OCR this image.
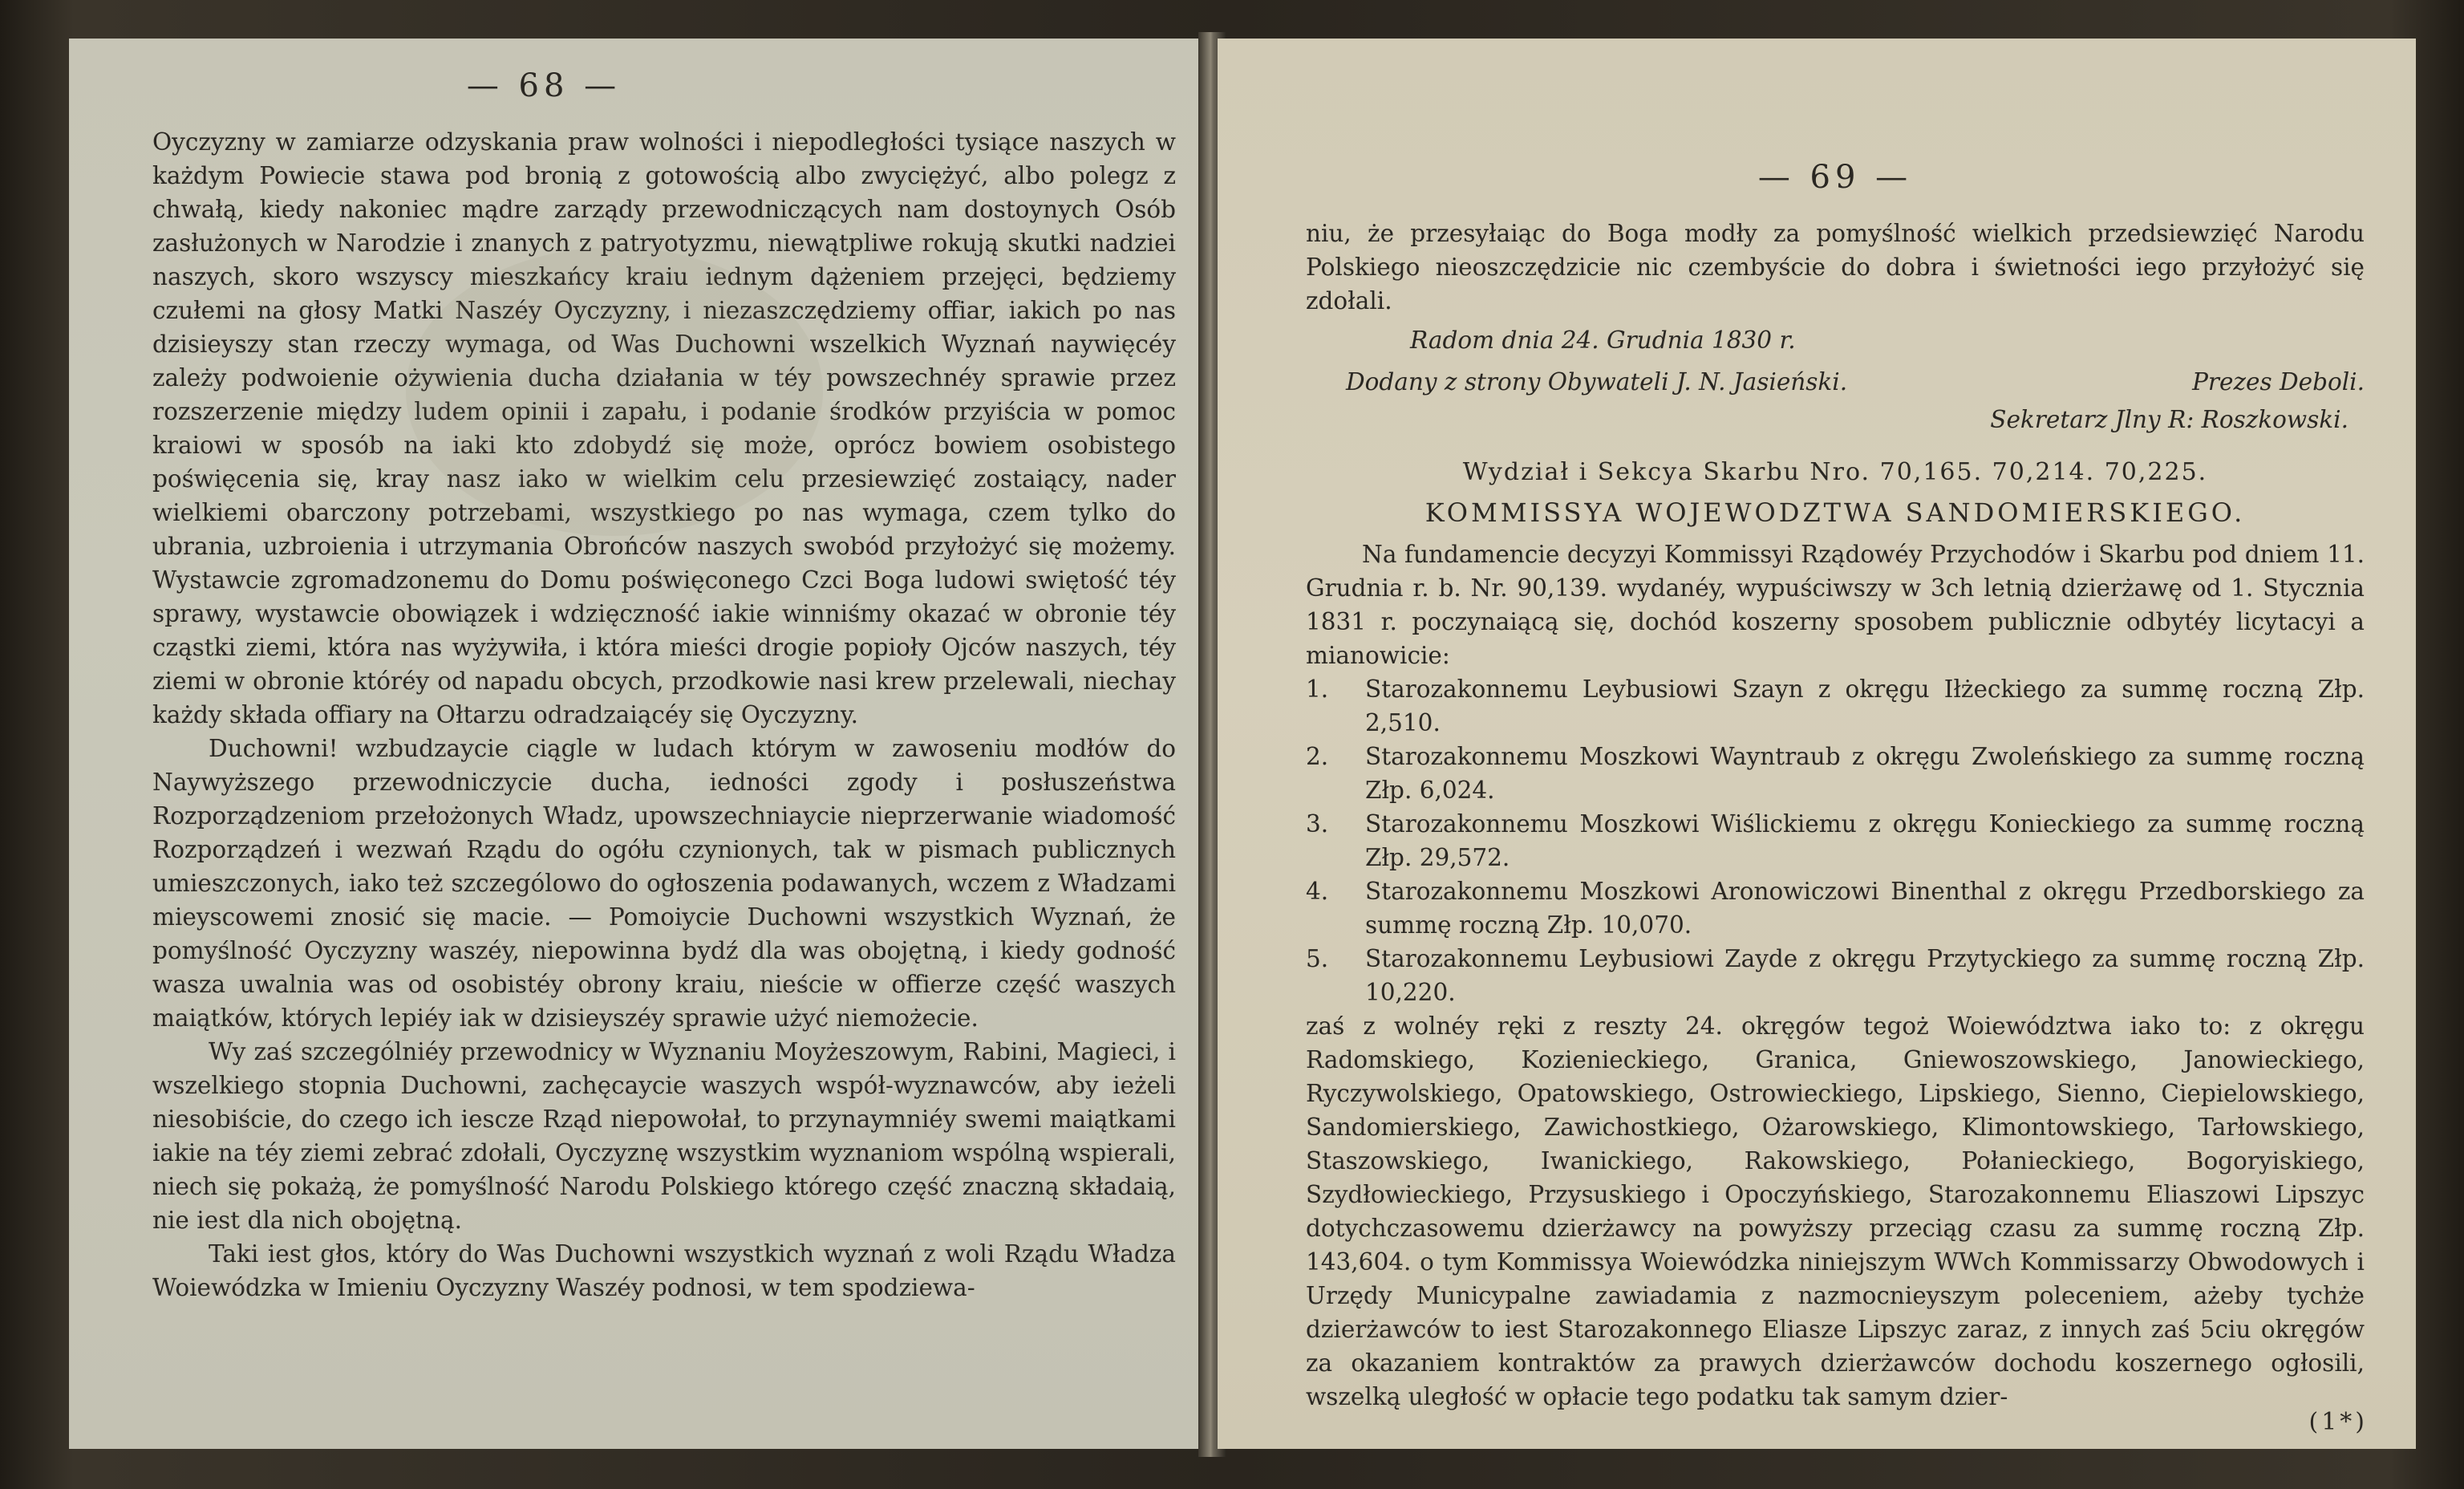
— 68 —

Oyczyzny w zamiarze odzyskania praw wolności i niepodległości tysiące naszych w każdym Powiecie stawa pod bronią z gotowością albo zwyciężyć, albo polegz z chwałą, kiedy nakoniec mądre zarządy przewodniczących nam dostoynych Osób zasłużonych w Narodzie i znanych z patryotyzmu, niewątpliwe rokują skutki nadziei naszych, skoro wszyscy mieszkańcy kraiu iednym dążeniem przejęci, będziemy czułemi na głosy Matki Naszéy Oyczyzny, i niezaszczędziemy offiar, iakich po nas dzisieyszy stan rzeczy wymaga, od Was Duchowni wszelkich Wyznań naywięcéy zależy podwoienie ożywienia ducha działania w téy powszechnéy sprawie przez rozszerzenie między ludem opinii i zapału, i podanie środków przyiścia w pomoc kraiowi w sposób na iaki kto zdobydź się może, oprócz bowiem osobistego poświęcenia się, kray nasz iako w wielkim celu przesiewzięć zostaiący, nader wielkiemi obarczony potrzebami, wszystkiego po nas wymaga, czem tylko do ubrania, uzbroienia i utrzymania Obrońców naszych swobód przyłożyć się możemy. Wystawcie zgromadzonemu do Domu poświęconego Czci Boga ludowi swiętość téy sprawy, wystawcie obowiązek i wdzięczność iakie winniśmy okazać w obronie téy cząstki ziemi, która nas wyżywiła, i która mieści drogie popioły Ojców naszych, téy ziemi w obronie któréy od napadu obcych, przodkowie nasi krew przelewali, niechay każdy składa offiary na Ołtarzu odradzaiącéy się Oyczyzny.

Duchowni! wzbudzaycie ciągle w ludach którym w zawoseniu modłów do Naywyższego przewodniczycie ducha, iedności zgody i posłuszeństwa Rozporządzeniom przełożonych Władz, upowszechniaycie nieprzerwanie wiadomość Rozporządzeń i wezwań Rządu do ogółu czynionych, tak w pismach publicznych umieszczonych, iako też szczególowo do ogłoszenia podawanych, wczem z Władzami mieyscowemi znosić się macie. — Pomoiycie Duchowni wszystkich Wyznań, że pomyślność Oyczyzny waszéy, niepowinna bydź dla was obojętną, i kiedy godność wasza uwalnia was od osobistéy obrony kraiu, nieście w offierze część waszych maiątków, których lepiéy iak w dzisieyszéy sprawie użyć niemożecie.

Wy zaś szczególniéy przewodnicy w Wyznaniu Moyżeszowym, Rabini, Magieci, i wszelkiego stopnia Duchowni, zachęcaycie waszych współ-wyznawców, aby ieżeli niesobiście, do czego ich iescze Rząd niepowołał, to przynaymniéy swemi maiątkami iakie na téy ziemi zebrać zdołali, Oyczyznę wszystkim wyznaniom wspólną wspierali, niech się pokażą, że pomyślność Narodu Polskiego którego część znaczną składaią, nie iest dla nich obojętną.

Taki iest głos, który do Was Duchowni wszystkich wyznań z woli Rządu Władza Woiewódzka w Imieniu Oyczyzny Waszéy podnosi, w tem spodziewa-

— 69 —

niu, że przesyłaiąc do Boga modły za pomyślność wielkich przedsiewzięć Narodu Polskiego nieoszczędzicie nic czembyście do dobra i świetności iego przyłożyć się zdołali.

Radom dnia 24. Grudnia 1830 r.
Dodany z strony Obywateli J. N. Jasieński.	Prezes Deboli.
Sekretarz Jlny R: Roszkowski.
Wydział i Sekcya Skarbu Nro. 70,165. 70,214. 70,225.
KOMMISSYA WOJEWODZTWA SANDOMIERSKIEGO.

Na fundamencie decyzyi Kommissyi Rządowéy Przychodów i Skarbu pod dniem 11. Grudnia r. b. Nr. 90,139. wydanéy, wypuściwszy w 3ch letnią dzierżawę od 1. Stycznia 1831 r. poczynaiącą się, dochód koszerny sposobem publicznie odbytéy licytacyi a mianowicie:

1. Starozakonnemu Leybusiowi Szayn z okręgu Iłżeckiego za summę roczną Złp. 2,510.
2. Starozakonnemu Moszkowi Wayntraub z okręgu Zwoleńskiego za summę roczną Złp. 6,024.
3. Starozakonnemu Moszkowi Wiślickiemu z okręgu Konieckiego za summę roczną Złp. 29,572.
4. Starozakonnemu Moszkowi Aronowiczowi Binenthal z okręgu Przedborskiego za summę roczną Złp. 10,070.
5. Starozakonnemu Leybusiowi Zayde z okręgu Przytyckiego za summę roczną Złp. 10,220.

zaś z wolnéy ręki z reszty 24. okręgów tegoż Woiewództwa iako to: z okręgu Radomskiego, Kozienieckiego, Granica, Gniewoszowskiego, Janowieckiego, Ryczywolskiego, Opatowskiego, Ostrowieckiego, Lipskiego, Sienno, Ciepielowskiego, Sandomierskiego, Zawichostkiego, Ożarowskiego, Klimontowskiego, Tarłowskiego, Staszowskiego, Iwanickiego, Rakowskiego, Połanieckiego, Bogoryiskiego, Szydłowieckiego, Przysuskiego i Opoczyńskiego, Starozakonnemu Eliaszowi Lipszyc dotychczasowemu dzierżawcy na powyższy przeciąg czasu za summę roczną Złp. 143,604. o tym Kommissya Woiewódzka niniejszym WWch Kommissarzy Obwodowych i Urzędy Municypalne zawiadamia z nazmocnieyszym poleceniem, ażeby tychże dzierżawców to iest Starozakonnego Eliasze Lipszyc zaraz, z innych zaś 5ciu okręgów za okazaniem kontraktów za prawych dzierżawców dochodu koszernego ogłosili, wszelką uległość w opłacie tego podatku tak samym dzier-

(1*)
